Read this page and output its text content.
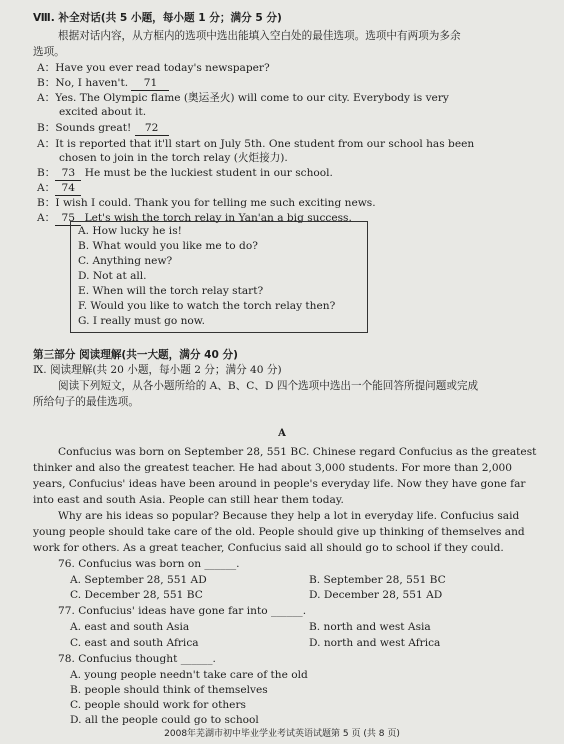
Ⅷ. 补全对话(共 5 小题，每小题 1 分；满分 5 分)
根据对话内容，从方框内的选项中选出能填入空白处的最佳选项。选项中有两项为多余
选项。
A：Have you ever read today's newspaper?
B：No, I haven't. 71
A：Yes. The Olympic flame (奥运圣火) will come to our city. Everybody is very
excited about it.
B：Sounds great! 72
A：It is reported that it'll start on July 5th. One student from our school has been
chosen to join in the torch relay (火炬接力).
B： 73 He must be the luckiest student in our school.
A： 74
B：I wish I could. Thank you for telling me such exciting news.
A： 75 Let's wish the torch relay in Yan'an a big success.
A. How lucky he is!
B. What would you like me to do?
C. Anything new?
D. Not at all.
E. When will the torch relay start?
F. Would you like to watch the torch relay then?
G. I really must go now.
第三部分 阅读理解(共一大题，满分 40 分)
Ⅸ. 阅读理解(共 20 小题，每小题 2 分；满分 40 分)
阅读下列短文，从各小题所给的 A、B、C、D 四个选项中选出一个能回答所提问题或完成
所给句子的最佳选项。
A
Confucius was born on September 28, 551 BC. Chinese regard Confucius as the greatest
thinker and also the greatest teacher. He had about 3,000 students. For more than 2,000
years, Confucius' ideas have been around in people's everyday life. Now they have gone far
into east and south Asia. People can still hear them today.
Why are his ideas so popular? Because they help a lot in everyday life. Confucius said
young people should take care of the old. People should give up thinking of themselves and
work for others. As a great teacher, Confucius said all should go to school if they could.
76. Confucius was born on ______.
A. September 28, 551 AD	B. September 28, 551 BC
C. December 28, 551 BC	D. December 28, 551 AD
77. Confucius' ideas have gone far into ______.
A. east and south Asia	B. north and west Asia
C. east and south Africa	D. north and west Africa
78. Confucius thought ______.
A. young people needn't take care of the old
B. people should think of themselves
C. people should work for others
D. all the people could go to school
2008年芜湖市初中毕业学业考试英语试题第 5 页 (共 8 页)
